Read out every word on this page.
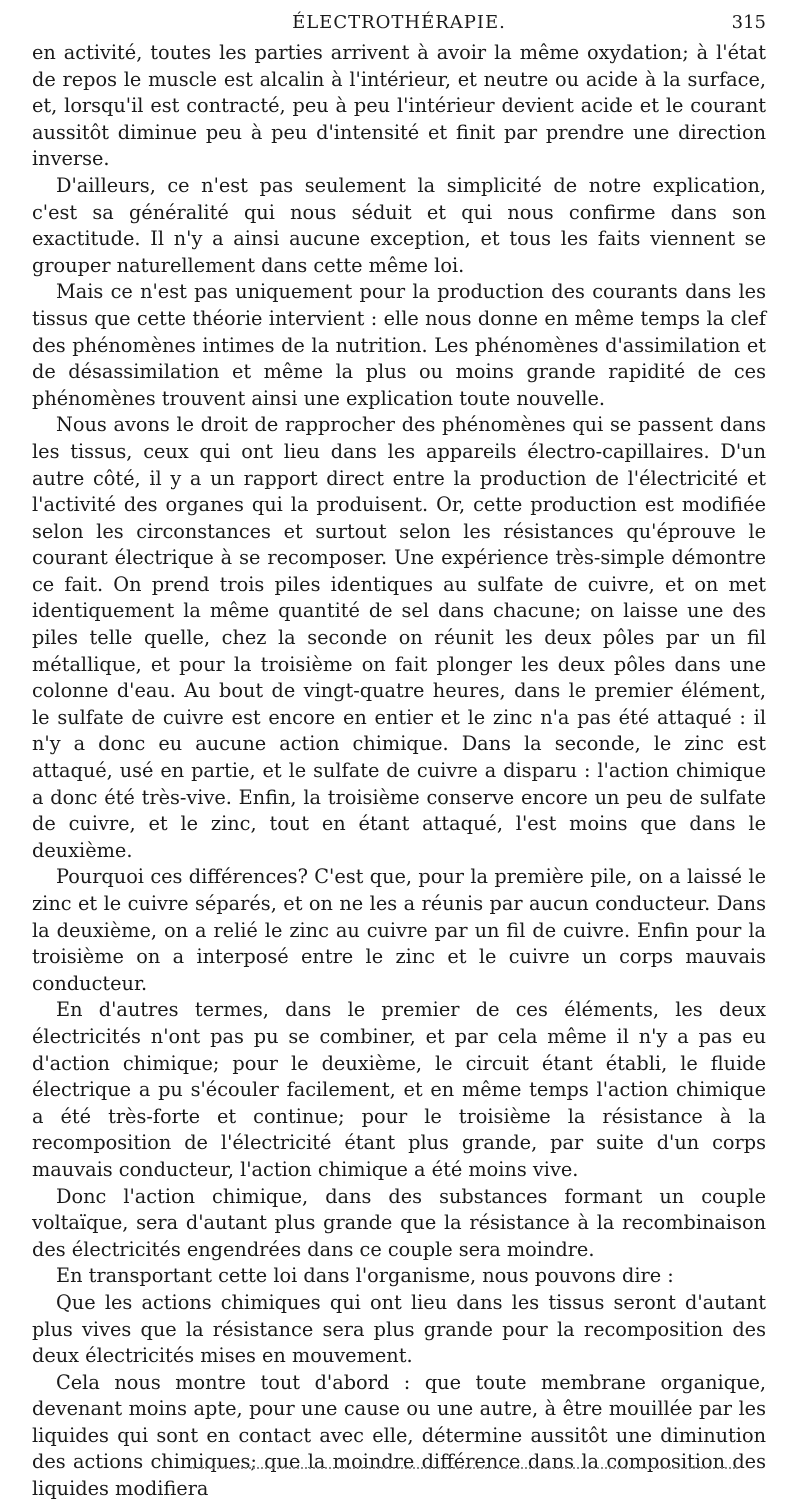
ÉLECTROTHÉRAPIE.	315

en activité, toutes les parties arrivent à avoir la même oxydation; à l'état de repos le muscle est alcalin à l'intérieur, et neutre ou acide à la surface, et, lorsqu'il est contracté, peu à peu l'intérieur devient acide et le courant aussitôt diminue peu à peu d'intensité et finit par prendre une direction inverse.

D'ailleurs, ce n'est pas seulement la simplicité de notre explication, c'est sa généralité qui nous séduit et qui nous confirme dans son exactitude. Il n'y a ainsi aucune exception, et tous les faits viennent se grouper naturellement dans cette même loi.

Mais ce n'est pas uniquement pour la production des courants dans les tissus que cette théorie intervient : elle nous donne en même temps la clef des phénomènes intimes de la nutrition. Les phénomènes d'assimilation et de désassimilation et même la plus ou moins grande rapidité de ces phénomènes trouvent ainsi une explication toute nouvelle.

Nous avons le droit de rapprocher des phénomènes qui se passent dans les tissus, ceux qui ont lieu dans les appareils électro-capillaires. D'un autre côté, il y a un rapport direct entre la production de l'électricité et l'activité des organes qui la produisent. Or, cette production est modifiée selon les circonstances et surtout selon les résistances qu'éprouve le courant électrique à se recomposer. Une expérience très-simple démontre ce fait. On prend trois piles identiques au sulfate de cuivre, et on met identiquement la même quantité de sel dans chacune; on laisse une des piles telle quelle, chez la seconde on réunit les deux pôles par un fil métallique, et pour la troisième on fait plonger les deux pôles dans une colonne d'eau. Au bout de vingt-quatre heures, dans le premier élément, le sulfate de cuivre est encore en entier et le zinc n'a pas été attaqué : il n'y a donc eu aucune action chimique. Dans la seconde, le zinc est attaqué, usé en partie, et le sulfate de cuivre a disparu : l'action chimique a donc été très-vive. Enfin, la troisième conserve encore un peu de sulfate de cuivre, et le zinc, tout en étant attaqué, l'est moins que dans le deuxième.

Pourquoi ces différences? C'est que, pour la première pile, on a laissé le zinc et le cuivre séparés, et on ne les a réunis par aucun conducteur. Dans la deuxième, on a relié le zinc au cuivre par un fil de cuivre. Enfin pour la troisième on a interposé entre le zinc et le cuivre un corps mauvais conducteur.

En d'autres termes, dans le premier de ces éléments, les deux électricités n'ont pas pu se combiner, et par cela même il n'y a pas eu d'action chimique; pour le deuxième, le circuit étant établi, le fluide électrique a pu s'écouler facilement, et en même temps l'action chimique a été très-forte et continue; pour le troisième la résistance à la recomposition de l'électricité étant plus grande, par suite d'un corps mauvais conducteur, l'action chimique a été moins vive.

Donc l'action chimique, dans des substances formant un couple voltaïque, sera d'autant plus grande que la résistance à la recombinaison des électricités engendrées dans ce couple sera moindre.

En transportant cette loi dans l'organisme, nous pouvons dire :

Que les actions chimiques qui ont lieu dans les tissus seront d'autant plus vives que la résistance sera plus grande pour la recomposition des deux électricités mises en mouvement.

Cela nous montre tout d'abord : que toute membrane organique, devenant moins apte, pour une cause ou une autre, à être mouillée par les liquides qui sont en contact avec elle, détermine aussitôt une diminution des actions chimiques; que la moindre différence dans la composition des liquides modifiera
